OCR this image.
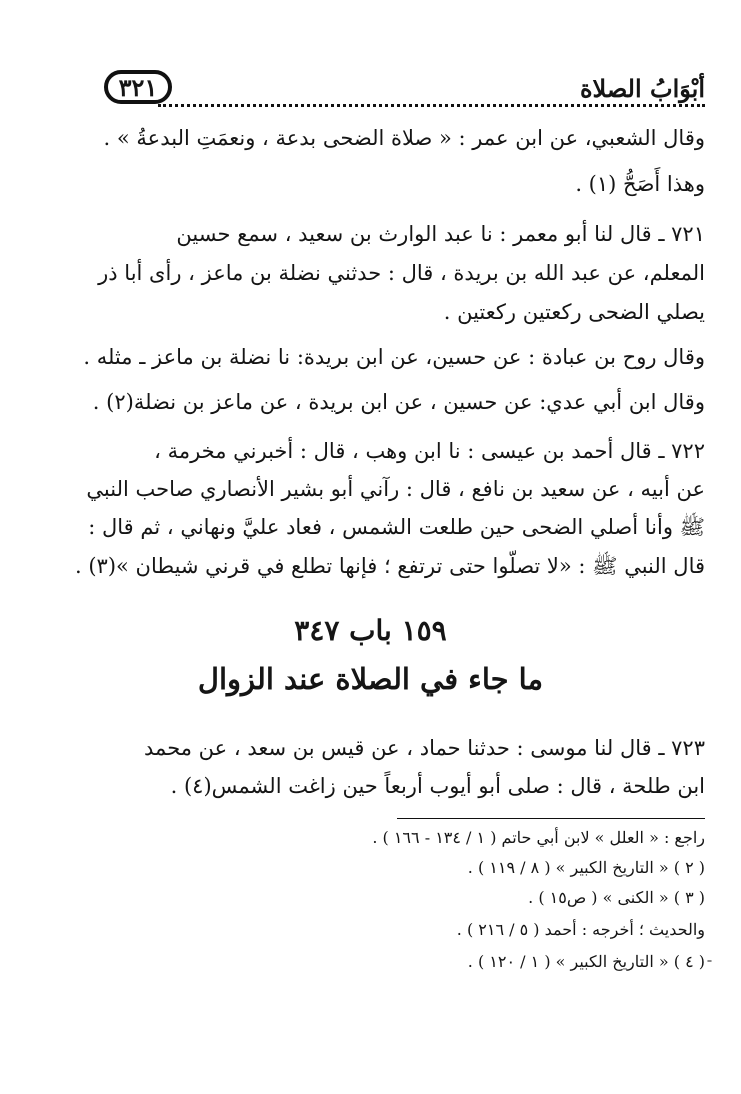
أبْوَابُ الصلاة
٣٢١
وقال الشعبي، عن ابن عمر : « صلاة الضحى بدعة ، ونعمَتِ البدعةُ » .
وهذا أَصَحُّ (١) .
٧٢١ ـ قال لنا أبو معمر : نا عبد الوارث بن سعيد ، سمع حسين
المعلم، عن عبد الله بن بريدة ، قال : حدثني نضلة بن ماعز ، رأى أبا ذر
يصلي الضحى ركعتين ركعتين .
وقال روح بن عبادة : عن حسين، عن ابن بريدة: نا نضلة بن ماعز ـ مثله .
وقال ابن أبي عدي: عن حسين ، عن ابن بريدة ، عن ماعز بن نضلة(٢) .
٧٢٢ ـ قال أحمد بن عيسى : نا ابن وهب ، قال : أخبرني مخرمة ،
عن أبيه ، عن سعيد بن نافع ، قال : رآني أبو بشير الأنصاري صاحب النبي
ﷺ وأنا أصلي الضحى حين طلعت الشمس ، فعاد عليَّ ونهاني ، ثم قال :
قال النبي ﷺ : «لا تصلّوا حتى ترتفع ؛ فإنها تطلع في قرني شيطان »(٣) .
١٥٩ باب ٣٤٧
ما جاء في الصلاة عند الزوال
٧٢٣ ـ قال لنا موسى : حدثنا حماد ، عن قيس بن سعد ، عن محمد
ابن طلحة ، قال : صلى أبو أيوب أربعاً حين زاغت الشمس(٤) .
راجع : « العلل » لابن أبي حاتم ( ١ / ١٣٤ - ١٦٦ ) .
( ٢ ) « التاريخ الكبير » ( ٨ / ١١٩ ) .
( ٣ ) « الكنى » ( ص١٥ ) .
والحديث ؛ أخرجه : أحمد ( ٥ / ٢١٦ ) .
( ٤ ) « التاريخ الكبير » ( ١ / ١٢٠ ) . ˉ
